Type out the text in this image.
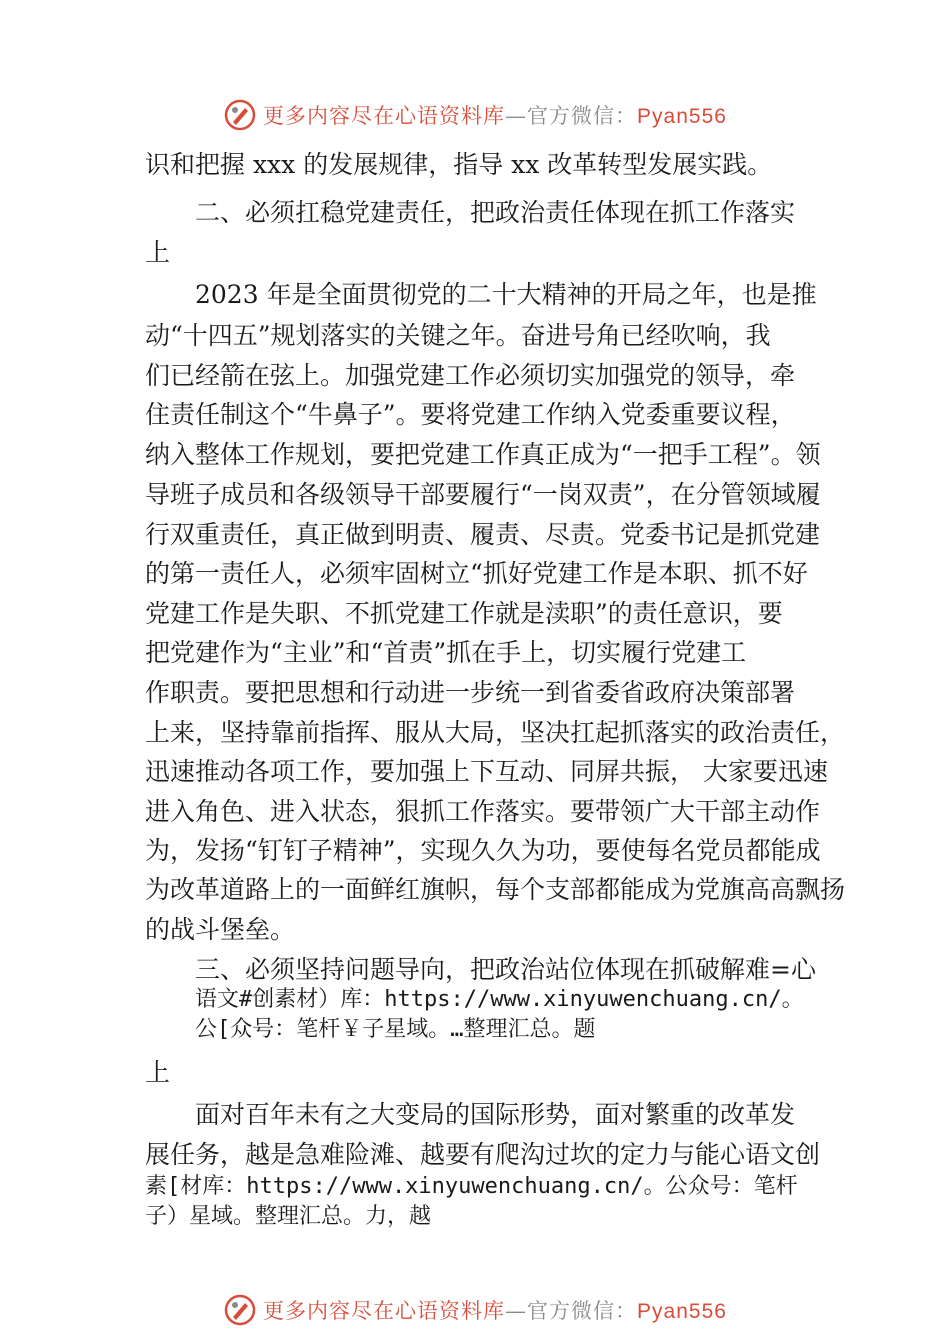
更多内容尽在心语资料库—官方微信：Pyan556
识和把握 xxx 的发展规律，指导 xx 改革转型发展实践。
二、必须扛稳党建责任，把政治责任体现在抓工作落实
上
2023 年是全面贯彻党的二十大精神的开局之年，也是推
动“十四五”规划落实的关键之年。奋进号角已经吹响，我
们已经箭在弦上。加强党建工作必须切实加强党的领导，牵
住责任制这个“牛鼻子”。要将党建工作纳入党委重要议程，
纳入整体工作规划，要把党建工作真正成为“一把手工程”。领
导班子成员和各级领导干部要履行“一岗双责”，在分管领域履
行双重责任，真正做到明责、履责、尽责。党委书记是抓党建
的第一责任人，必须牢固树立“抓好党建工作是本职、抓不好
党建工作是失职、不抓党建工作就是渎职”的责任意识，要
把党建作为“主业”和“首责”抓在手上，切实履行党建工
作职责。要把思想和行动进一步统一到省委省政府决策部署
上来，坚持靠前指挥、服从大局，坚决扛起抓落实的政治责任，
迅速推动各项工作，要加强上下互动、同屏共振， 大家要迅速
进入角色、进入状态，狠抓工作落实。要带领广大干部主动作
为，发扬“钉钉子精神”，实现久久为功，要使每名党员都能成
为改革道路上的一面鲜红旗帜，每个支部都能成为党旗高高飘扬
的战斗堡垒。
三、必须坚持问题导向，把政治站位体现在抓破解难=心
语文#创素材）库：https://www.xinyuwenchuang.cn/。
公[众号：笔杆￥子星域。…整理汇总。题
上
面对百年未有之大变局的国际形势，面对繁重的改革发
展任务，越是急难险滩、越要有爬沟过坎的定力与能心语文创
素[材库：https://www.xinyuwenchuang.cn/。公众号：笔杆
子）星域。整理汇总。力，越
更多内容尽在心语资料库—官方微信：Pyan556
